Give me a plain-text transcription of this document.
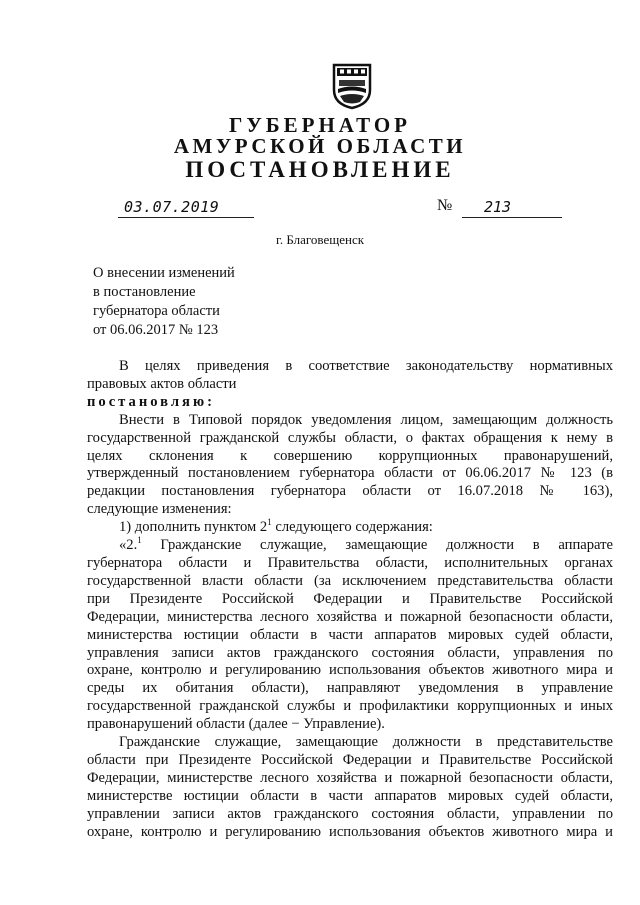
ГУБЕРНАТОР
АМУРСКОЙ ОБЛАСТИ
ПОСТАНОВЛЕНИЕ
03.07.2019	№ 213
г. Благовещенск
О внесении изменений
в постановление
губернатора области
от 06.06.2017 № 123
В целях приведения в соответствие законодательству нормативных
правовых актов области
постановляю:
Внести в Типовой порядок уведомления лицом, замещающим должность
государственной гражданской службы области, о фактах обращения к нему в
целях склонения к совершению коррупционных правонарушений,
утвержденный постановлением губернатора области от 06.06.2017 № 123 (в
редакции постановления губернатора области от 16.07.2018 № 163),
следующие изменения:
1) дополнить пунктом $2^1$ следующего содержания:
«2.$^1$ Гражданские служащие, замещающие должности в аппарате
губернатора области и Правительства области, исполнительных органах
государственной власти области (за исключением представительства области
при Президенте Российской Федерации и Правительстве Российской
Федерации, министерства лесного хозяйства и пожарной безопасности области,
министерства юстиции области в части аппаратов мировых судей области,
управления записи актов гражданского состояния области, управления по
охране, контролю и регулированию использования объектов животного мира и
среды их обитания области), направляют уведомления в управление
государственной гражданской службы и профилактики коррупционных и иных
правонарушений области (далее − Управление).
Гражданские служащие, замещающие должности в представительстве
области при Президенте Российской Федерации и Правительстве Российской
Федерации, министерстве лесного хозяйства и пожарной безопасности области,
министерстве юстиции области в части аппаратов мировых судей области,
управлении записи актов гражданского состояния области, управлении по
охране, контролю и регулированию использования объектов животного мира и
